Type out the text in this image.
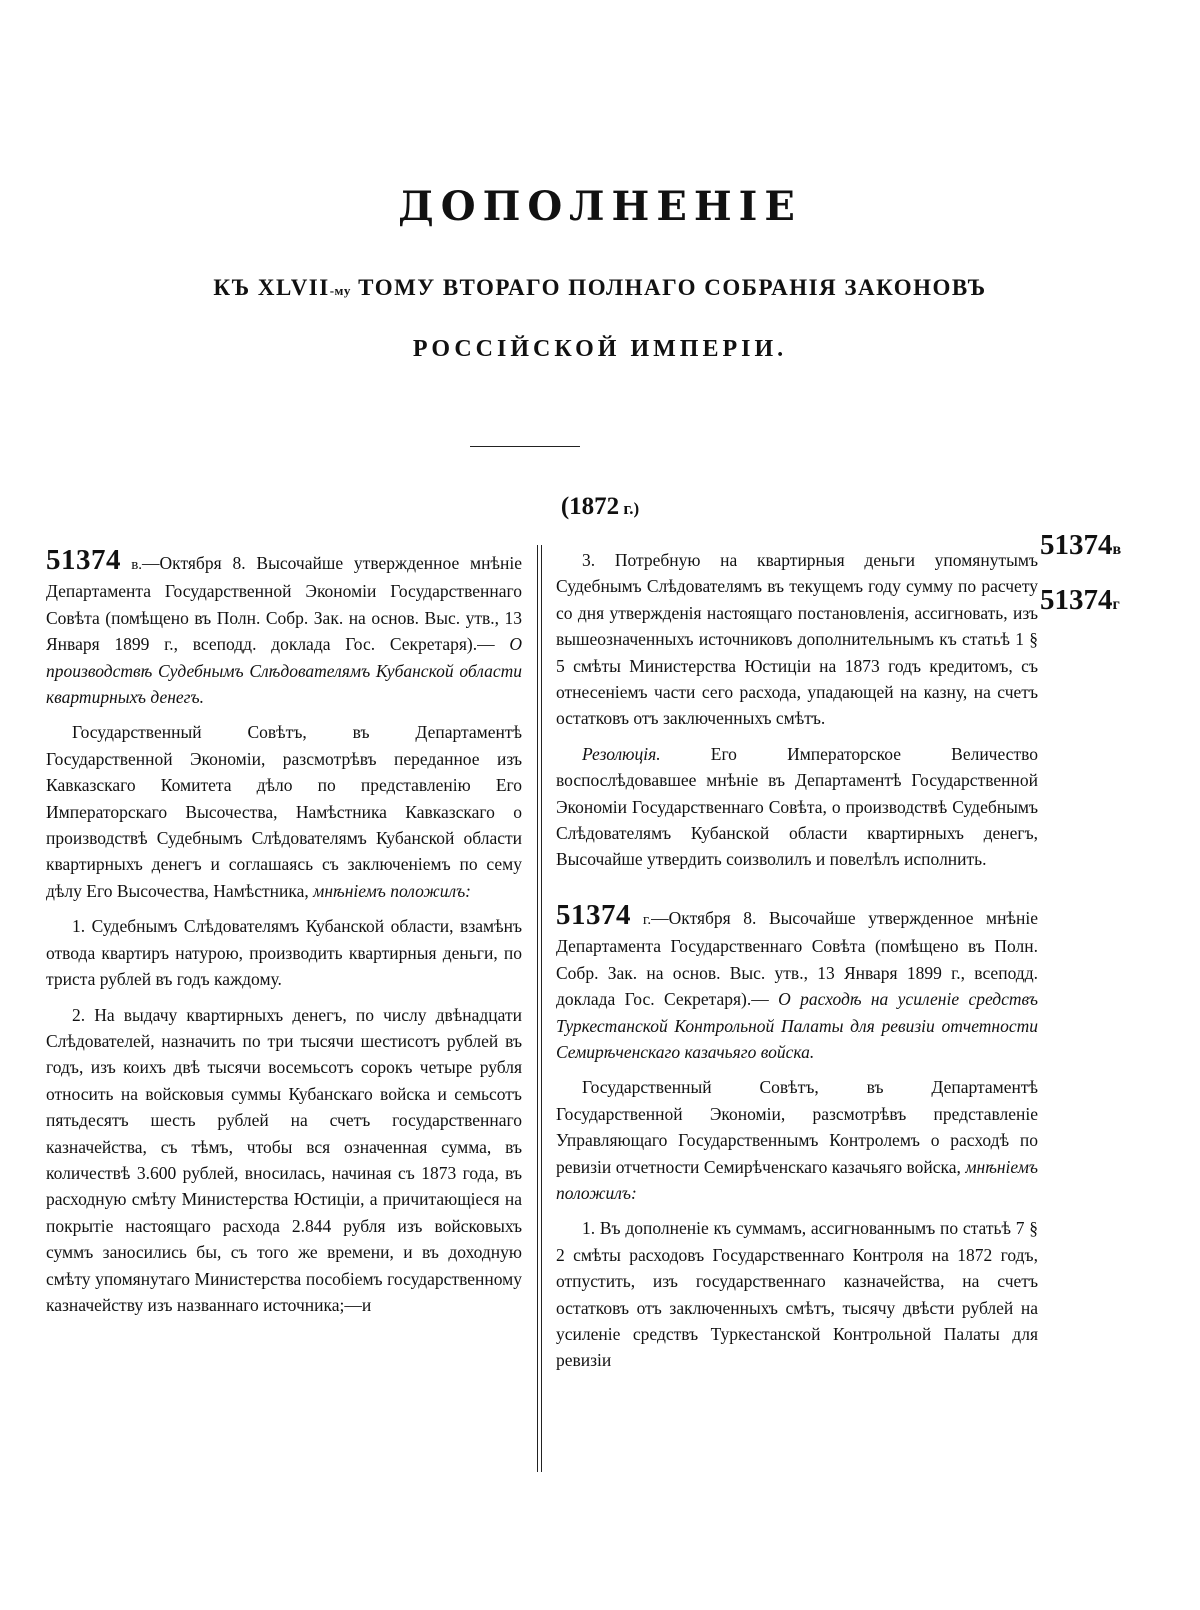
ДОПОЛНЕНІЕ
КЪ XLVII-му ТОМУ ВТОРАГО ПОЛНАГО СОБРАНІЯ ЗАКОНОВЪ
РОССІЙСКОЙ ИМПЕРІИ.
(1872 г.)
51374в
51374г

51374 в.—Октября 8. Высочайше утвержденное мнѣніе Департамента Государственной Экономіи Государственнаго Совѣта (помѣщено въ Полн. Собр. Зак. на основ. Выс. утв., 13 Января 1899 г., всеподд. доклада Гос. Секретаря).— О производствѣ Судебнымъ Слѣдователямъ Кубанской области квартирныхъ денегъ.

Государственный Совѣтъ, въ Департаментѣ Государственной Экономіи, разсмотрѣвъ переданное изъ Кавказскаго Комитета дѣло по представленію Его Императорскаго Высочества, Намѣстника Кавказскаго о производствѣ Судебнымъ Слѣдователямъ Кубанской области квартирныхъ денегъ и соглашаясь съ заключеніемъ по сему дѣлу Его Высочества, Намѣстника, мнѣніемъ положилъ:

1. Судебнымъ Слѣдователямъ Кубанской области, взамѣнъ отвода квартиръ натурою, производить квартирныя деньги, по триста рублей въ годъ каждому.

2. На выдачу квартирныхъ денегъ, по числу двѣнадцати Слѣдователей, назначить по три тысячи шестисотъ рублей въ годъ, изъ коихъ двѣ тысячи восемьсотъ сорокъ четыре рубля относить на войсковыя суммы Кубанскаго войска и семьсотъ пятьдесятъ шесть рублей на счетъ государственнаго казначейства, съ тѣмъ, чтобы вся означенная сумма, въ количествѣ 3.600 рублей, вносилась, начиная съ 1873 года, въ расходную смѣту Министерства Юстиціи, а причитающіеся на покрытіе настоящаго расхода 2.844 рубля изъ войсковыхъ суммъ заносились бы, съ того же времени, и въ доходную смѣту упомянутаго Министерства пособіемъ государственному казначейству изъ названнаго источника;—и

3. Потребную на квартирныя деньги упомянутымъ Судебнымъ Слѣдователямъ въ текущемъ году сумму по расчету со дня утвержденія настоящаго постановленія, ассигновать, изъ вышеозначенныхъ источниковъ дополнительнымъ къ статьѣ 1 § 5 смѣты Министерства Юстиціи на 1873 годъ кредитомъ, съ отнесеніемъ части сего расхода, упадающей на казну, на счетъ остатковъ отъ заключенныхъ смѣтъ.

Резолюція.	Его Императорское Величество воспослѣдовавшее мнѣніе въ Департаментѣ Государственной Экономіи Государственнаго Совѣта, о производствѣ Судебнымъ Слѣдователямъ Кубанской области квартирныхъ денегъ, Высочайше утвердить соизволилъ и повелѣлъ исполнить.

51374 г.—Октября 8. Высочайше утвержденное мнѣніе Департамента Государственнаго Совѣта (помѣщено въ Полн. Собр. Зак. на основ. Выс. утв., 13 Января 1899 г., всеподд. доклада Гос. Секретаря).— О расходѣ на усиленіе средствъ Туркестанской Контрольной Палаты для ревизіи отчетности Семирѣченскаго казачьяго войска.

Государственный Совѣтъ, въ Департаментѣ Государственной Экономіи, разсмотрѣвъ представленіе Управляющаго Государственнымъ Контролемъ о расходѣ по ревизіи отчетности Семирѣченскаго казачьяго войска, мнѣніемъ положилъ:

1. Въ дополненіе къ суммамъ, ассигнованнымъ по статьѣ 7 § 2 смѣты расходовъ Государственнаго Контроля на 1872 годъ, отпустить, изъ государственнаго казначейства, на счетъ остатковъ отъ заключенныхъ смѣтъ, тысячу двѣсти рублей на усиленіе средствъ Туркестанской Контрольной Палаты для ревизіи
